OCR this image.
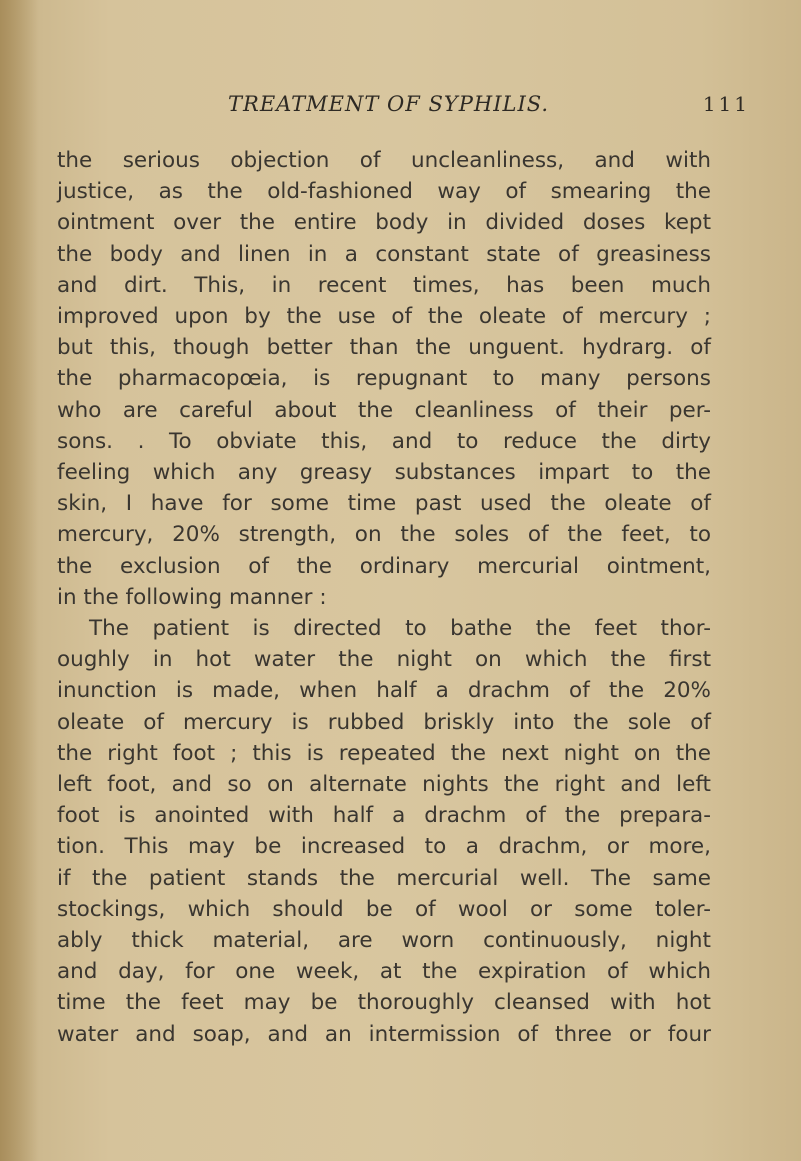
TREATMENT OF SYPHILIS.	111
the serious objection of uncleanliness, and with
justice, as the old-fashioned way of smearing the
ointment over the entire body in divided doses kept
the body and linen in a constant state of greasiness
and dirt. This, in recent times, has been much
improved upon by the use of the oleate of mercury ;
but this, though better than the unguent. hydrarg. of
the pharmacopœia, is repugnant to many persons
who are careful about the cleanliness of their per-
sons. . To obviate this, and to reduce the dirty
feeling which any greasy substances impart to the
skin, I have for some time past used the oleate of
mercury, 20% strength, on the soles of the feet, to
the exclusion of the ordinary mercurial ointment,
in the following manner :
The patient is directed to bathe the feet thor-
oughly in hot water the night on which the first
inunction is made, when half a drachm of the 20%
oleate of mercury is rubbed briskly into the sole of
the right foot ; this is repeated the next night on the
left foot, and so on alternate nights the right and left
foot is anointed with half a drachm of the prepara-
tion. This may be increased to a drachm, or more,
if the patient stands the mercurial well. The same
stockings, which should be of wool or some toler-
ably thick material, are worn continuously, night
and day, for one week, at the expiration of which
time the feet may be thoroughly cleansed with hot
water and soap, and an intermission of three or four
